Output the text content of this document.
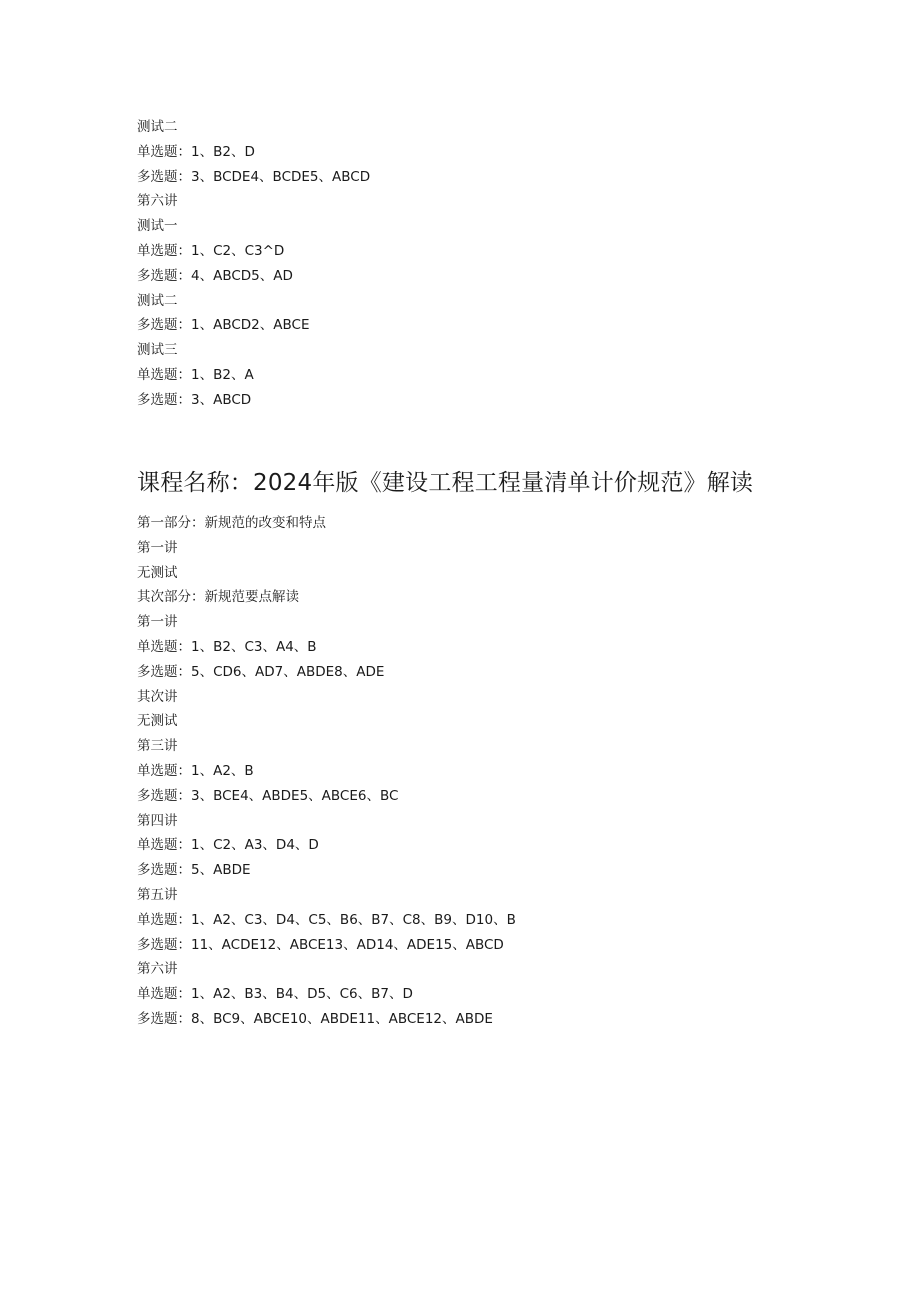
测试二
单选题：1、B2、D
多选题：3、BCDE4、BCDE5、ABCD
第六讲
测试一
单选题：1、C2、C3^D
多选题：4、ABCD5、AD
测试二
多选题：1、ABCD2、ABCE
测试三
单选题：1、B2、A
多选题：3、ABCD
课程名称：2024年版《建设工程工程量清单计价规范》解读
第一部分：新规范的改变和特点
第一讲
无测试
其次部分：新规范要点解读
第一讲
单选题：1、B2、C3、A4、B
多选题：5、CD6、AD7、ABDE8、ADE
其次讲
无测试
第三讲
单选题：1、A2、B
多选题：3、BCE4、ABDE5、ABCE6、BC
第四讲
单选题：1、C2、A3、D4、D
多选题：5、ABDE
第五讲
单选题：1、A2、C3、D4、C5、B6、B7、C8、B9、D10、B
多选题：11、ACDE12、ABCE13、AD14、ADE15、ABCD
第六讲
单选题：1、A2、B3、B4、D5、C6、B7、D
多选题：8、BC9、ABCE10、ABDE11、ABCE12、ABDE
